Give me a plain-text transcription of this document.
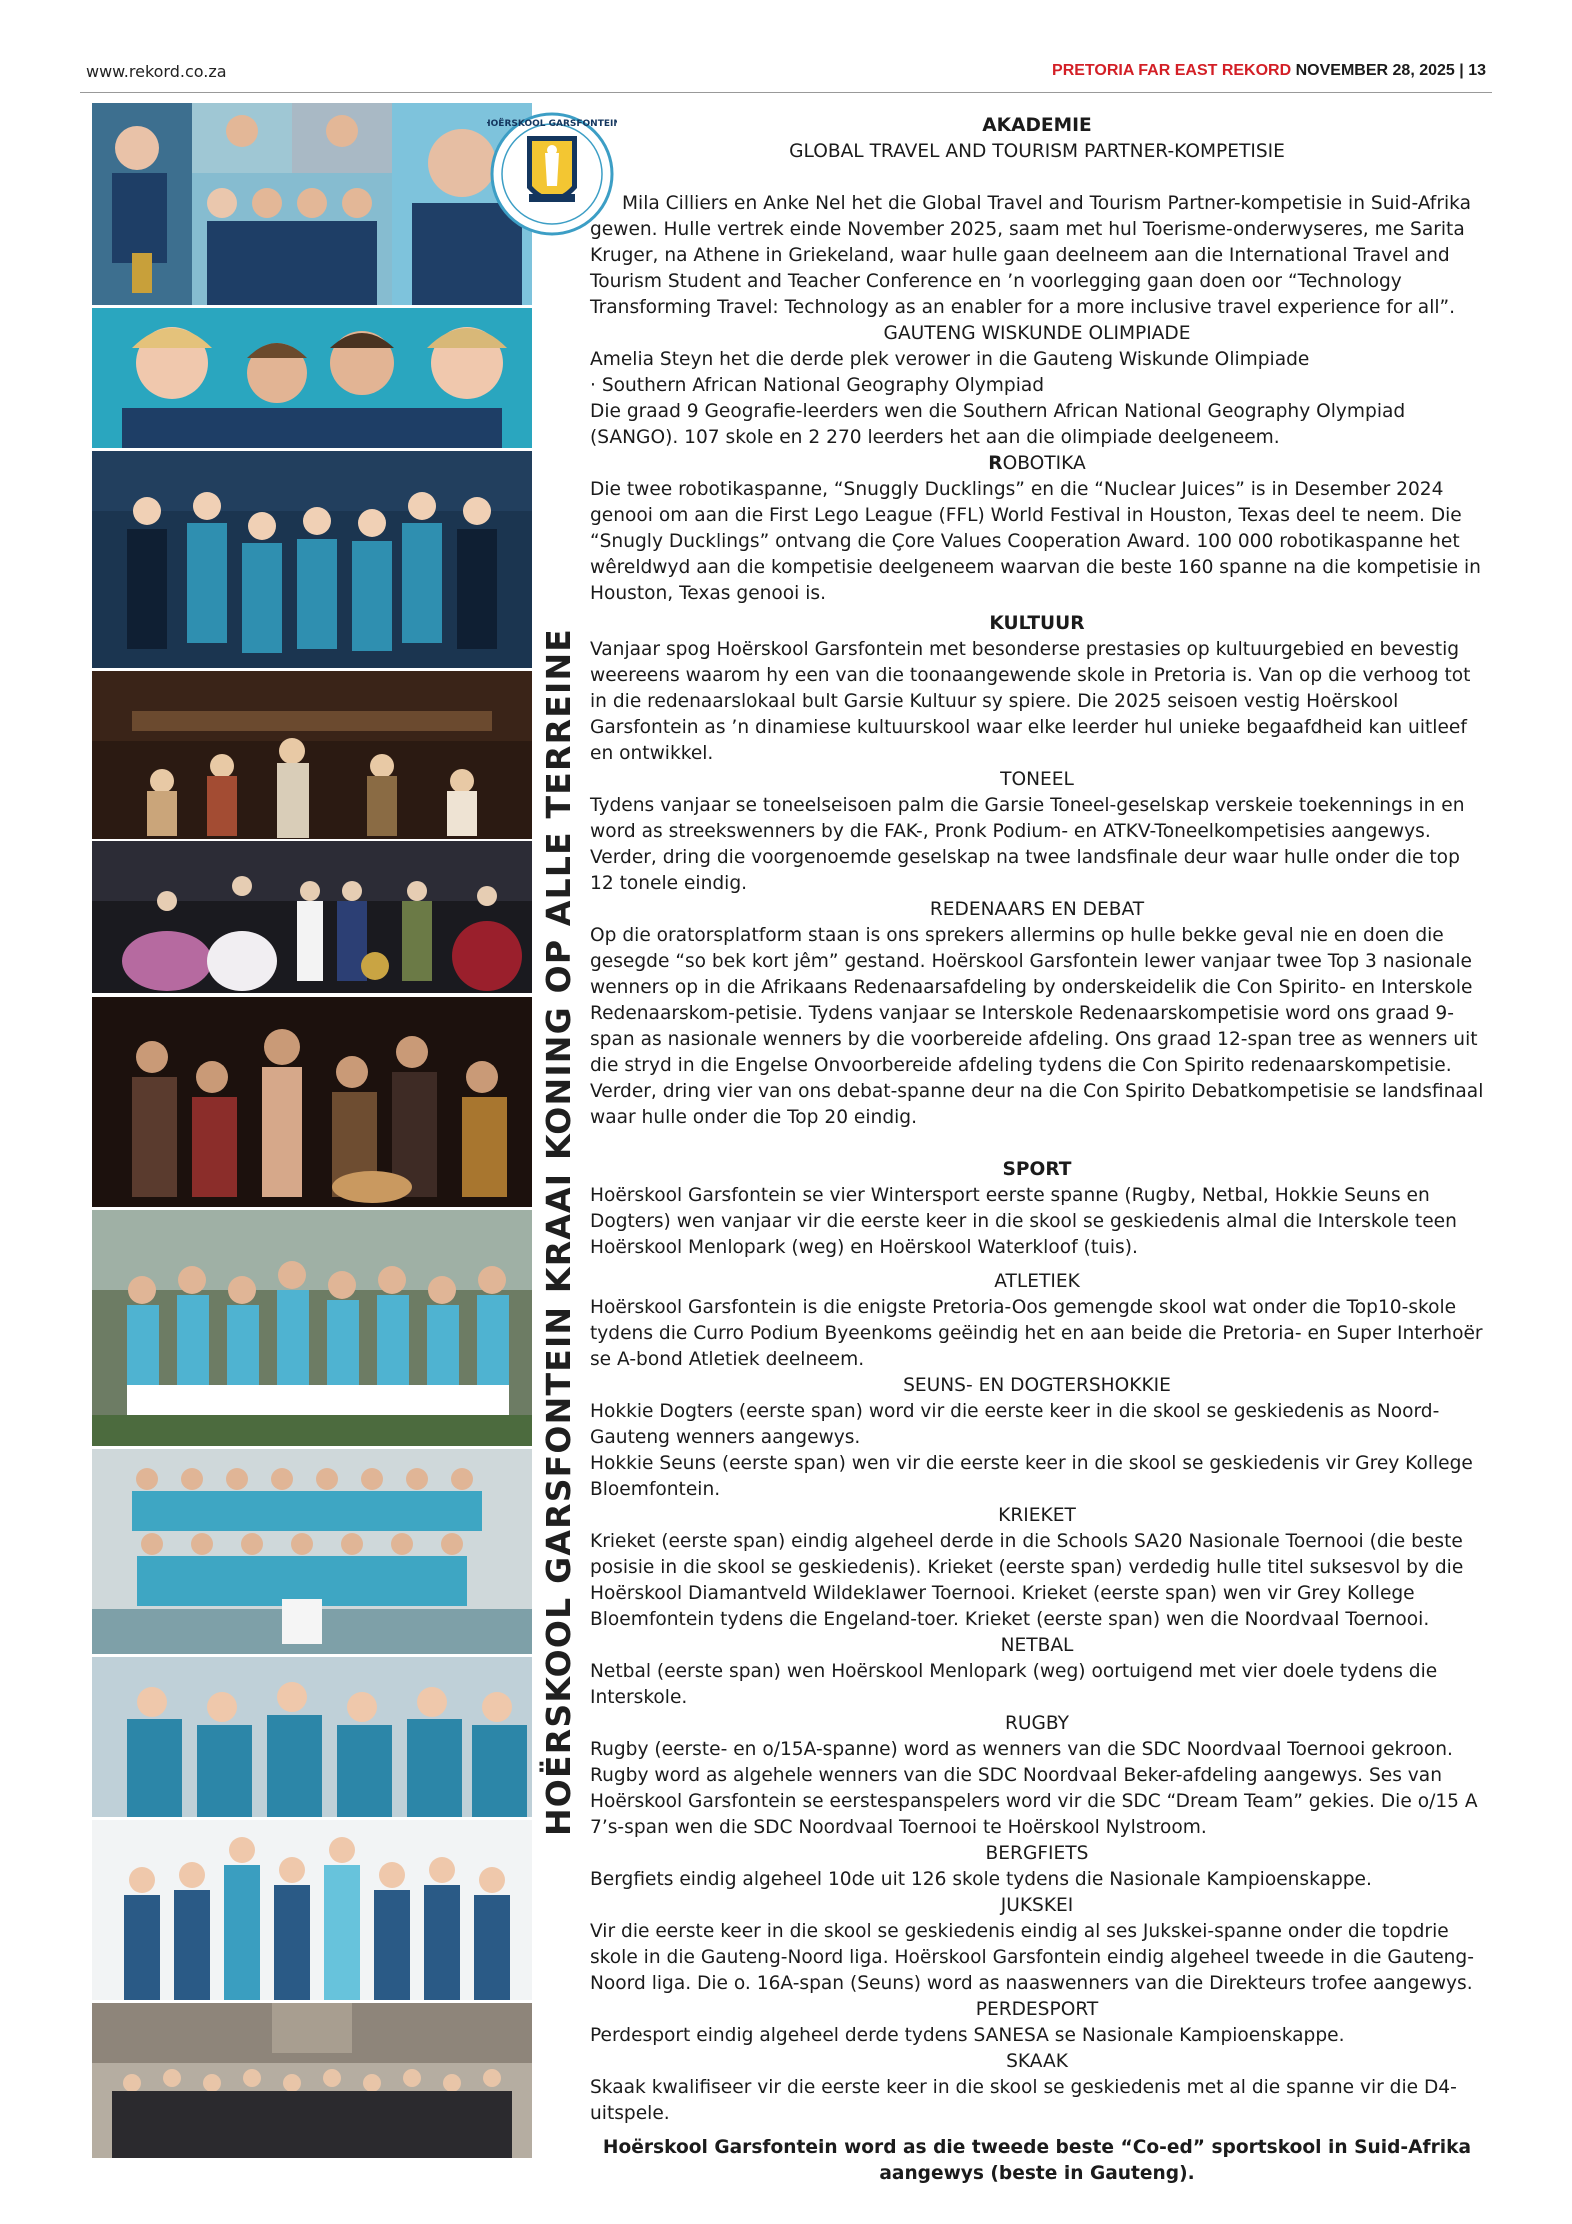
www.rekord.co.za	PRETORIA FAR EAST REKORD NOVEMBER 28, 2025 | 13
HOËRSKOOL GARSFONTEIN
HOËRSKOOL GARSFONTEIN KRAAI KONING OP ALLE TERREINE

AKADEMIE

GLOBAL TRAVEL AND TOURISM PARTNER-KOMPETISIE

Mila Cilliers en Anke Nel het die Global Travel and Tourism Partner-kompetisie in Suid-Afrika gewen. Hulle vertrek einde November 2025, saam met hul Toerisme-onderwyseres, me Sarita Kruger, na Athene in Griekeland, waar hulle gaan deelneem aan die International Travel and Tourism Student and Teacher Conference en ’n voorlegging gaan doen oor “Technology Transforming Travel: Technology as an enabler for a more inclusive travel experience for all”.

GAUTENG WISKUNDE OLIMPIADE

Amelia Steyn het die derde plek verower in die Gauteng Wiskunde Olimpiade

· Southern African National Geography Olympiad

Die graad 9 Geografie-leerders wen die Southern African National Geography Olympiad (SANGO). 107 skole en 2 270 leerders het aan die olimpiade deelgeneem.

ROBOTIKA

Die twee robotikaspanne, “Snuggly Ducklings” en die “Nuclear Juices” is in Desember 2024 genooi om aan die First Lego League (FFL) World Festival in Houston, Texas deel te neem. Die “Snugly Ducklings” ontvang die Çore Values Cooperation Award. 100 000 robotikaspanne het wêreldwyd aan die kompetisie deelgeneem waarvan die beste 160 spanne na die kompetisie in Houston, Texas genooi is.

KULTUUR

Vanjaar spog Hoërskool Garsfontein met besonderse prestasies op kultuurgebied en bevestig weereens waarom hy een van die toonaangewende skole in Pretoria is. Van op die verhoog tot in die redenaarslokaal bult Garsie Kultuur sy spiere. Die 2025 seisoen vestig Hoërskool Garsfontein as ’n dinamiese kultuurskool waar elke leerder hul unieke begaafdheid kan uitleef en ontwikkel.

TONEEL

Tydens vanjaar se toneelseisoen palm die Garsie Toneel-geselskap verskeie toekennings in en word as streekswenners by die FAK-, Pronk Podium- en ATKV-Toneelkompetisies aangewys. Verder, dring die voorgenoemde geselskap na twee landsfinale deur waar hulle onder die top 12 tonele eindig.

REDENAARS EN DEBAT

Op die oratorsplatform staan is ons sprekers allermins op hulle bekke geval nie en doen die gesegde “so bek kort jêm” gestand. Hoërskool Garsfontein lewer vanjaar twee Top 3 nasionale wenners op in die Afrikaans Redenaarsafdeling by onderskeidelik die Con Spirito- en Interskole Redenaarskom-petisie. Tydens vanjaar se Interskole Redenaarskompetisie word ons graad 9-span as nasionale wenners by die voorbereide afdeling. Ons graad 12-span tree as wenners uit die stryd in die Engelse Onvoorbereide afdeling tydens die Con Spirito redenaarskompetisie. Verder, dring vier van ons debat-spanne deur na die Con Spirito Debatkompetisie se landsfinaal waar hulle onder die Top 20 eindig.

SPORT

Hoërskool Garsfontein se vier Wintersport eerste spanne (Rugby, Netbal, Hokkie Seuns en Dogters) wen vanjaar vir die eerste keer in die skool se geskiedenis almal die Interskole teen Hoërskool Menlopark (weg) en Hoërskool Waterkloof (tuis).

ATLETIEK

Hoërskool Garsfontein is die enigste Pretoria-Oos gemengde skool wat onder die Top10-skole tydens die Curro Podium Byeenkoms geëindig het en aan beide die Pretoria- en Super Interhoër se A-bond Atletiek deelneem.

SEUNS- EN DOGTERSHOKKIE

Hokkie Dogters (eerste span) word vir die eerste keer in die skool se geskiedenis as Noord-Gauteng wenners aangewys.

Hokkie Seuns (eerste span) wen vir die eerste keer in die skool se geskiedenis vir Grey Kollege Bloemfontein.

KRIEKET

Krieket (eerste span) eindig algeheel derde in die Schools SA20 Nasionale Toernooi (die beste posisie in die skool se geskiedenis). Krieket (eerste span) verdedig hulle titel suksesvol by die Hoërskool Diamantveld Wildeklawer Toernooi. Krieket (eerste span) wen vir Grey Kollege Bloemfontein tydens die Engeland-toer. Krieket (eerste span) wen die Noordvaal Toernooi.

NETBAL

Netbal (eerste span) wen Hoërskool Menlopark (weg) oortuigend met vier doele tydens die Interskole.

RUGBY

Rugby (eerste- en o/15A-spanne) word as wenners van die SDC Noordvaal Toernooi gekroon. Rugby word as algehele wenners van die SDC Noordvaal Beker-afdeling aangewys. Ses van Hoërskool Garsfontein se eerstespanspelers word vir die SDC “Dream Team” gekies. Die o/15 A 7’s-span wen die SDC Noordvaal Toernooi te Hoërskool Nylstroom.

BERGFIETS

Bergfiets eindig algeheel 10de uit 126 skole tydens die Nasionale Kampioenskappe.

JUKSKEI

Vir die eerste keer in die skool se geskiedenis eindig al ses Jukskei-spanne onder die topdrie skole in die Gauteng-Noord liga. Hoërskool Garsfontein eindig algeheel tweede in die Gauteng-Noord liga. Die o. 16A-span (Seuns) word as naaswenners van die Direkteurs trofee aangewys.

PERDESPORT

Perdesport eindig algeheel derde tydens SANESA se Nasionale Kampioenskappe.

SKAAK

Skaak kwalifiseer vir die eerste keer in die skool se geskiedenis met al die spanne vir die D4-uitspele.

Hoërskool Garsfontein word as die tweede beste “Co-ed” sportskool in Suid-Afrika aangewys (beste in Gauteng).
